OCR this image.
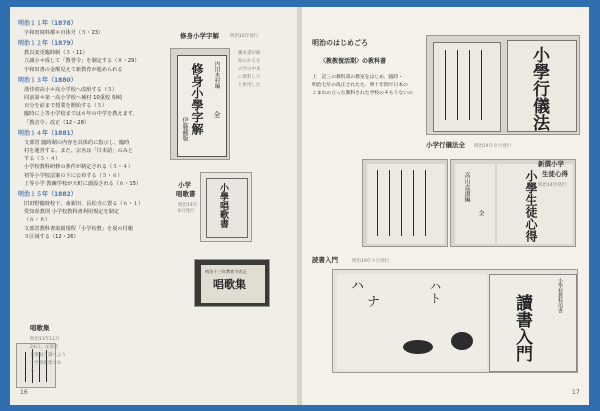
明治１１年（1878）
字和田廃料都＊百体号（５・23）
明治１２年（1879）
教以変更臨時制（５・11）
立誠小＊成して「教誉令」を制定する（８・29）
宇和田書の金額見えて新教育が進められる
明治１３年（1880）
漢佳初高小＊高小学校へ改組する（５）
同前第＊第一高小学校へ補村 10重校 相崎
百分を前まで授業を開始する（５）
臨時に上等小学校までは６年の中学を教えます。
「教音令」改正（12・28）
明治１４年（1881）
文部省 臨時制の内容を具体的に指示し、臨時
村を運営する。また、宗名は「日本語」のみと
する（５・４）
小学校教科研修の条件が制定される（５・４）
初等小学校法案の下に公布する（５・６）
上等小学 教練学校が大町に創設される（６・15）
明治１５年（1882）
旧田野臨時校下、東新田、長松寺に置る（６・１）
愛知県教則 小学校教科書利用規定を制定
（６・８）
文部省教科書取扱規程「小学校教」を展の付範
５区域する（12・26）
修身小學字解 内田木村編
全
伊藤藏版
修身小学字解 明治16年発行
藤本書が解
知のかえを
の学の中本
に教科して
と併用した
小學唱歌書
小学
唱歌書
明治14年 8月発行
明治十三年教育令改正
唱歌集
唱歌集
明治13年12月
24日、文部省
音楽取り調べより
小学唱歌集であ
る
16
明治のはじめごろ
〈教教復活期〉の教科書
上　記三の教科書の教室をはじめ、臨時・
明治七年の改正されたた、明十年間で日本の
こまれの立った教科された学校の４もうないの	小學行儀法
小学行儀法全 明治14年８月発行
小學生徒心得
高山直道編
全
新撰小学
生徒心得
明治14年発行
読書入門	明治19年９月発行
讀書入門	小學校教科用書
ハ
ナ	ハト
17
